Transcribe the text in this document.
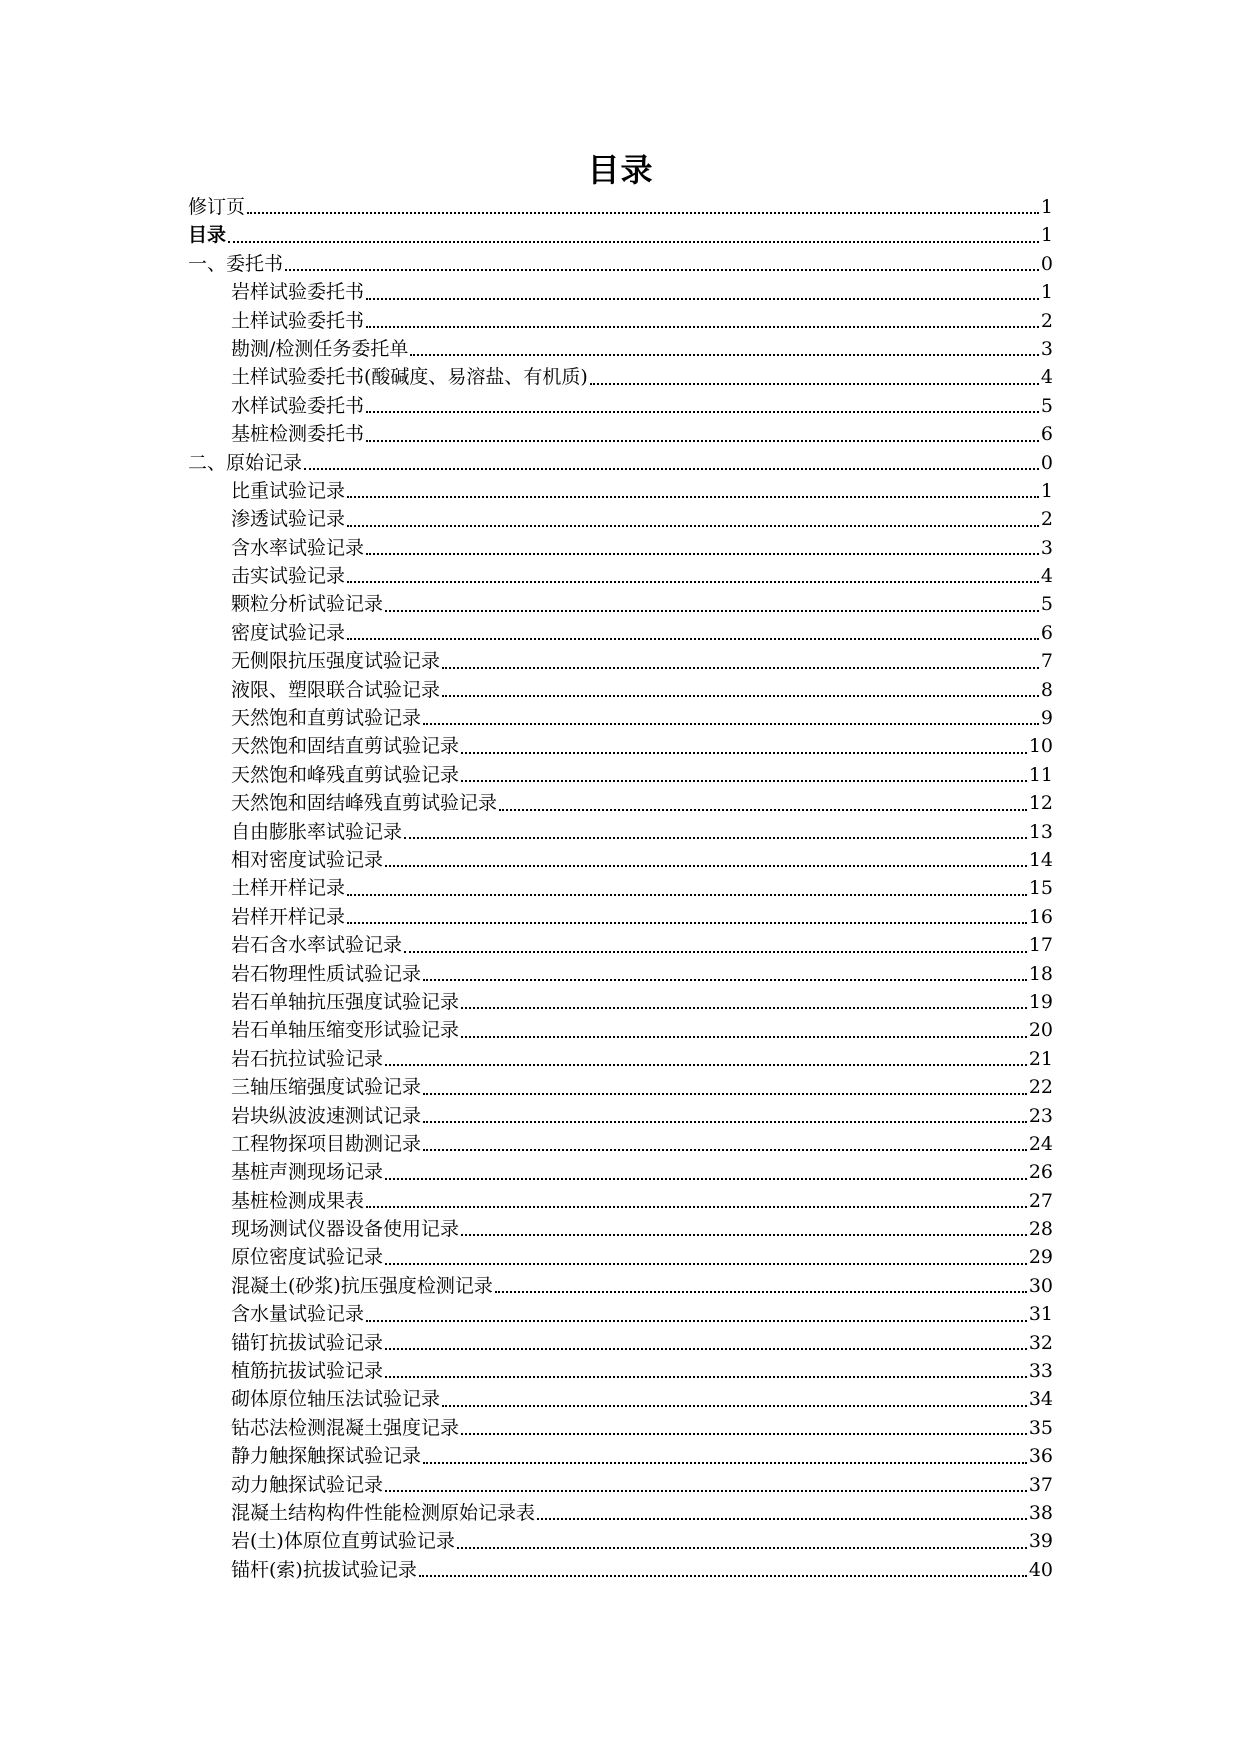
目录
修订页	1
目录	1
一、委托书	0
岩样试验委托书	1
土样试验委托书	2
勘测/检测任务委托单	3
土样试验委托书(酸碱度、易溶盐、有机质)	4
水样试验委托书	5
基桩检测委托书	6
二、原始记录	0
比重试验记录	1
渗透试验记录	2
含水率试验记录	3
击实试验记录	4
颗粒分析试验记录	5
密度试验记录	6
无侧限抗压强度试验记录	7
液限、塑限联合试验记录	8
天然饱和直剪试验记录	9
天然饱和固结直剪试验记录	10
天然饱和峰残直剪试验记录	11
天然饱和固结峰残直剪试验记录	12
自由膨胀率试验记录	13
相对密度试验记录	14
土样开样记录	15
岩样开样记录	16
岩石含水率试验记录	17
岩石物理性质试验记录	18
岩石单轴抗压强度试验记录	19
岩石单轴压缩变形试验记录	20
岩石抗拉试验记录	21
三轴压缩强度试验记录	22
岩块纵波波速测试记录	23
工程物探项目勘测记录	24
基桩声测现场记录	26
基桩检测成果表	27
现场测试仪器设备使用记录	28
原位密度试验记录	29
混凝土(砂浆)抗压强度检测记录	30
含水量试验记录	31
锚钉抗拔试验记录	32
植筋抗拔试验记录	33
砌体原位轴压法试验记录	34
钻芯法检测混凝土强度记录	35
静力触探触探试验记录	36
动力触探试验记录	37
混凝土结构构件性能检测原始记录表	38
岩(土)体原位直剪试验记录	39
锚杆(索)抗拔试验记录	40
